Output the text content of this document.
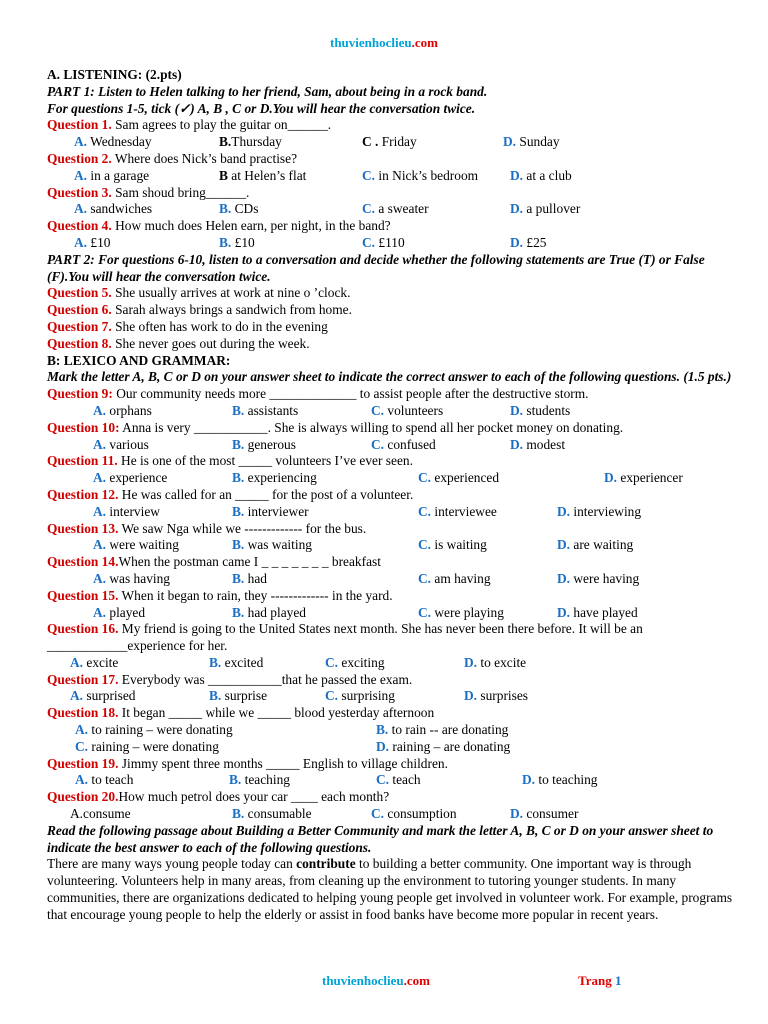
thuvienhoclieu.com
A. LISTENING: (2.pts)
PART 1: Listen to Helen talking to her friend, Sam, about being in a rock band.
For questions 1-5, tick (✓) A, B , C or D.You will hear the conversation twice.
Question 1. Sam agrees to play the guitar on______.
A. Wednesday	B.Thursday	C . Friday	D. Sunday
Question 2. Where does Nick’s band practise?
A. in a garage	B at Helen’s flat	C. in Nick’s bedroom D. at a club
Question 3. Sam shoud bring______.
A. sandwiches	B. CDs	C. a sweater	D. a pullover
Question 4. How much does Helen earn, per night, in the band?
A. £10	B. £10	C. £110	D. £25
PART 2: For questions 6-10, listen to a conversation and decide whether the following statements are True (T) or False (F).You will hear the conversation twice.
Question 5. She usually arrives at work at nine o ’clock.
Question 6. Sarah always brings a sandwich from home.
Question 7. She often has work to do in the evening
Question 8. She never goes out during the week.
B: LEXICO AND GRAMMAR:
Mark the letter A, B, C or D on your answer sheet to indicate the correct answer to each of the following questions. (1.5 pts.)
Question 9: Our community needs more _____________ to assist people after the destructive storm.
A. orphans	B. assistants	C. volunteers	D. students
Question 10: Anna is very ___________. She is always willing to spend all her pocket money on donating.
A. various	B. generous	C. confused	D. modest
Question 11. He is one of the most _____ volunteers I’ve ever seen.
A. experience	B. experiencing	C. experienced	D. experiencer
Question 12. He was called for an _____ for the post of a volunteer.
A. interview	B. interviewer	C. interviewee	D. interviewing
Question 13. We saw Nga while we ------------- for the bus.
A. were waiting	B. was waiting	C. is waiting	D. are waiting
Question 14.When the postman came I _ _ _ _ _ _ _ breakfast
A. was having	B. had	C. am having	D. were having
Question 15. When it began to rain, they ------------- in the yard.
A. played	B. had played	C. were playing	D. have played
Question 16. My friend is going to the United States next month. She has never been there before. It will be an
____________experience for her.
A. excite	B. excited	C. exciting	D. to excite
Question 17. Everybody was ___________that he passed the exam.
A. surprised	B. surprise	C. surprising	D. surprises
Question 18. It began _____ while we _____ blood yesterday afternoon
A. to raining – were donating	B. to rain -- are donating
C. raining – were donating	D. raining – are donating
Question 19. Jimmy spent three months _____ English to village children.
A. to teach	B. teaching	C. teach	D. to teaching
Question 20.How much petrol does your car ____ each month?
A.consume	B. consumable	C. consumption	D. consumer
Read the following passage about Building a Better Community and mark the letter A, B, C or D on your answer sheet to indicate the best answer to each of the following questions.
There are many ways young people today can contribute to building a better community. One important way is through volunteering. Volunteers help in many areas, from cleaning up the environment to tutoring younger students. In many communities, there are organizations dedicated to helping young people get involved in volunteer work. For example, programs that encourage young people to help the elderly or assist in food banks have become more popular in recent years.
thuvienhoclieu.com	Trang 1
